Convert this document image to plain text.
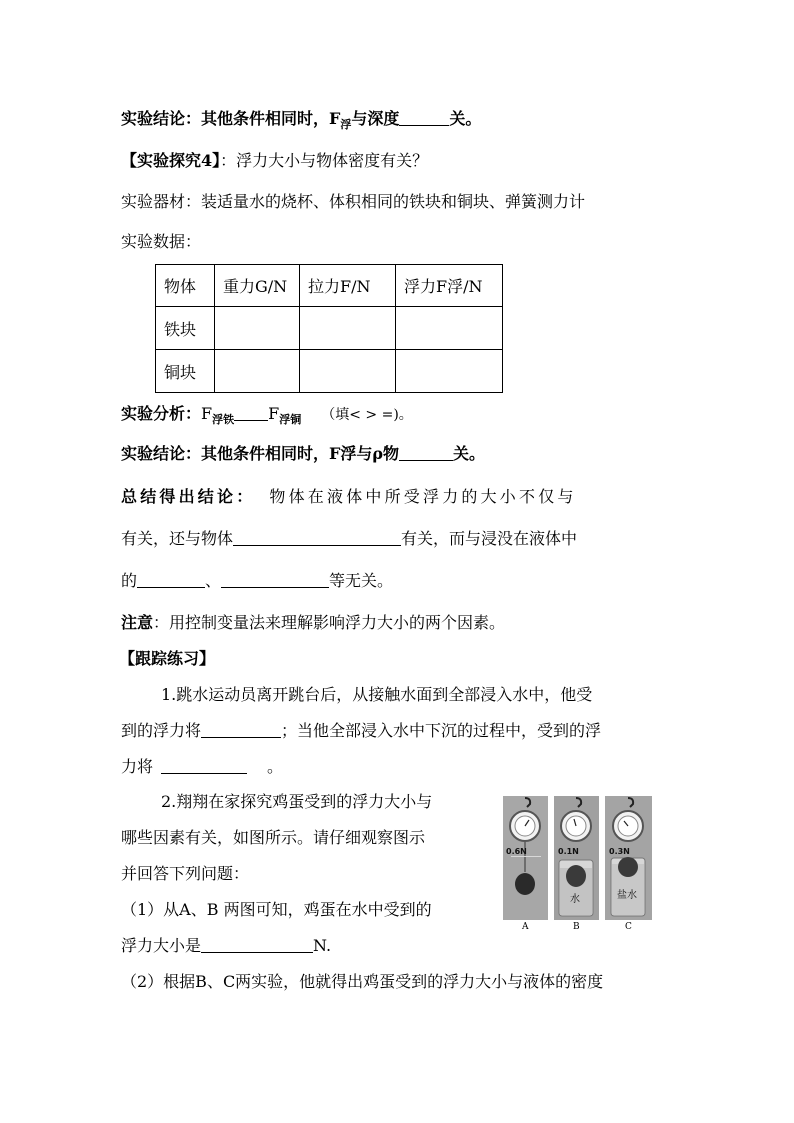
实验结论：其他条件相同时，$F_浮$与深度	关。
【实验探究4】：浮力大小与物体密度有关？
实验器材：装适量水的烧杯、体积相同的铁块和铜块、弹簧测力计
实验数据：
物体	重力G/N	拉力F/N	浮力F浮/N
铁块			
铜块			
实验分析：$F_{浮铁}$ $F_{浮铜}$ （填< > =)。
实验结论：其他条件相同时，F浮与ρ物	关。
总结得出结论： 物体在液体中所受浮力的大小不仅与
有关，还与物体	有关，而与浸没在液体中
的	、	等无关。
注意：用控制变量法来理解影响浮力大小的两个因素。
【跟踪练习】
1.跳水运动员离开跳台后，从接触水面到全部浸入水中，他受
到的浮力将	；当他全部浸入水中下沉的过程中，受到的浮
力将	。
2.翔翔在家探究鸡蛋受到的浮力大小与
哪些因素有关，如图所示。请仔细观察图示
并回答下列问题：
（1）从A、B 两图可知，鸡蛋在水中受到的
浮力大小是	N.
（2）根据B、C两实验，他就得出鸡蛋受到的浮力大小与液体的密度
0.6N	0.1N
水
0.3N
盐水
A	B	C
